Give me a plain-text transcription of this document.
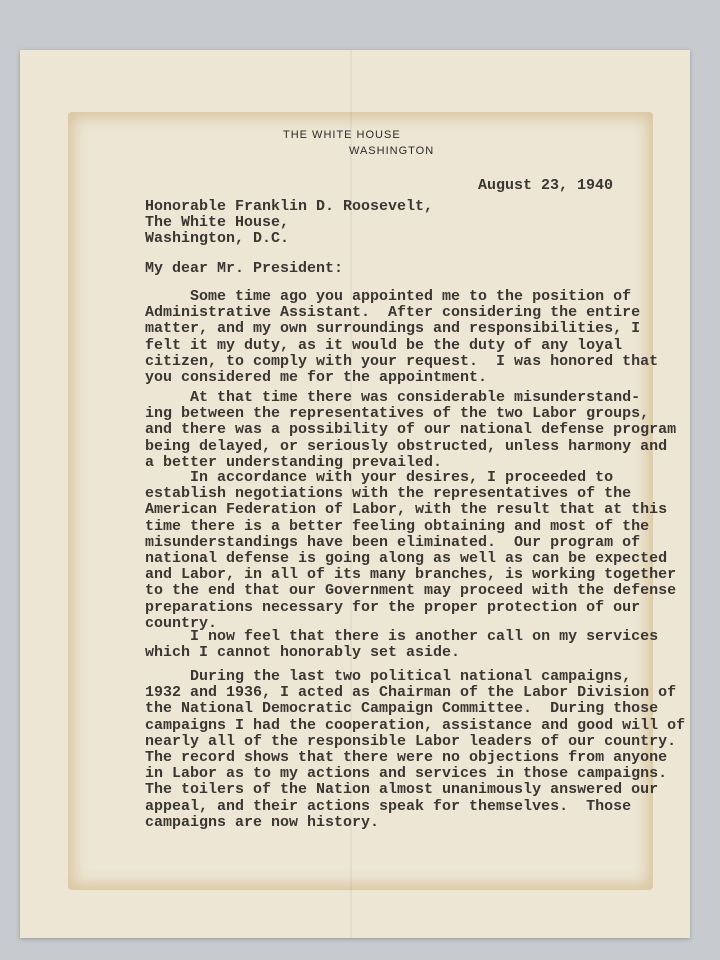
THE WHITE HOUSE
WASHINGTON
August 23, 1940
Honorable Franklin D. Roosevelt,
The White House,
Washington, D.C.
My dear Mr. President:
Some time ago you appointed me to the position of
Administrative Assistant.  After considering the entire
matter, and my own surroundings and responsibilities, I
felt it my duty, as it would be the duty of any loyal
citizen, to comply with your request.  I was honored that
you considered me for the appointment.
At that time there was considerable misunderstand-
ing between the representatives of the two Labor groups,
and there was a possibility of our national defense program
being delayed, or seriously obstructed, unless harmony and
a better understanding prevailed.
In accordance with your desires, I proceeded to
establish negotiations with the representatives of the
American Federation of Labor, with the result that at this
time there is a better feeling obtaining and most of the
misunderstandings have been eliminated.  Our program of
national defense is going along as well as can be expected
and Labor, in all of its many branches, is working together
to the end that our Government may proceed with the defense
preparations necessary for the proper protection of our
country.
I now feel that there is another call on my services
which I cannot honorably set aside.
During the last two political national campaigns,
1932 and 1936, I acted as Chairman of the Labor Division of
the National Democratic Campaign Committee.  During those
campaigns I had the cooperation, assistance and good will of
nearly all of the responsible Labor leaders of our country.
The record shows that there were no objections from anyone
in Labor as to my actions and services in those campaigns.
The toilers of the Nation almost unanimously answered our
appeal, and their actions speak for themselves.  Those
campaigns are now history.
